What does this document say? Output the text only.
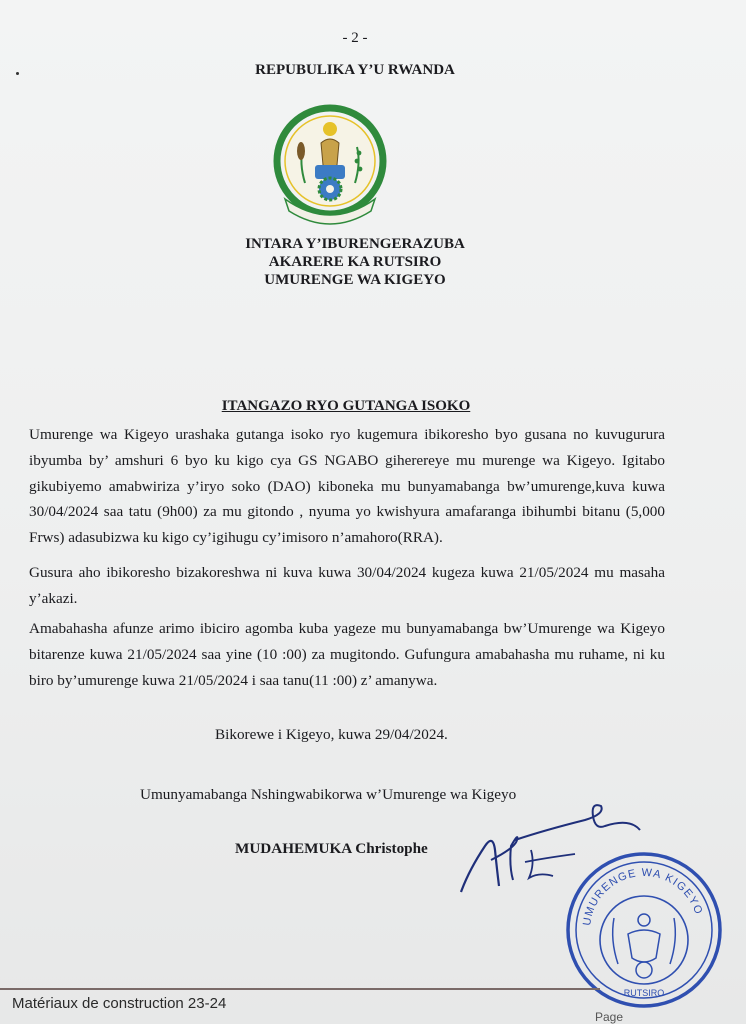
- 2 -
REPUBULIKA Y’U RWANDA
INTARA Y’IBURENGERAZUBA
AKARERE KA RUTSIRO
UMURENGE WA KIGEYO
ITANGAZO RYO GUTANGA ISOKO
Umurenge wa Kigeyo urashaka gutanga isoko ryo kugemura ibikoresho byo gusana no kuvugurura ibyumba by’ amshuri 6 byo ku kigo cya GS NGABO giherereye mu murenge wa Kigeyo. Igitabo gikubiyemo amabwiriza y’iryo soko (DAO) kiboneka mu bunyamabanga bw’umurenge,kuva kuwa 30/04/2024 saa tatu (9h00) za mu gitondo , nyuma yo kwishyura amafaranga ibihumbi bitanu (5,000 Frws) adasubizwa ku kigo cy’igihugu cy’imisoro n’amahoro(RRA).
Gusura aho ibikoresho bizakoreshwa ni kuva kuwa 30/04/2024 kugeza kuwa 21/05/2024 mu masaha y’akazi.
Amabahasha afunze arimo ibiciro agomba kuba yageze mu bunyamabanga bw’Umurenge wa Kigeyo bitarenze kuwa 21/05/2024 saa yine (10 :00) za mugitondo. Gufungura amabahasha mu ruhame, ni ku biro by’umurenge kuwa 21/05/2024 i saa tanu(11 :00) z’ amanywa.
Bikorewe i Kigeyo, kuwa 29/04/2024.
Umunyamabanga Nshingwabikorwa w’Umurenge wa Kigeyo
MUDAHEMUKA Christophe
UMURENGE WA KIGEYO
RUTSIRO
Matériaux de construction 23-24
Page
